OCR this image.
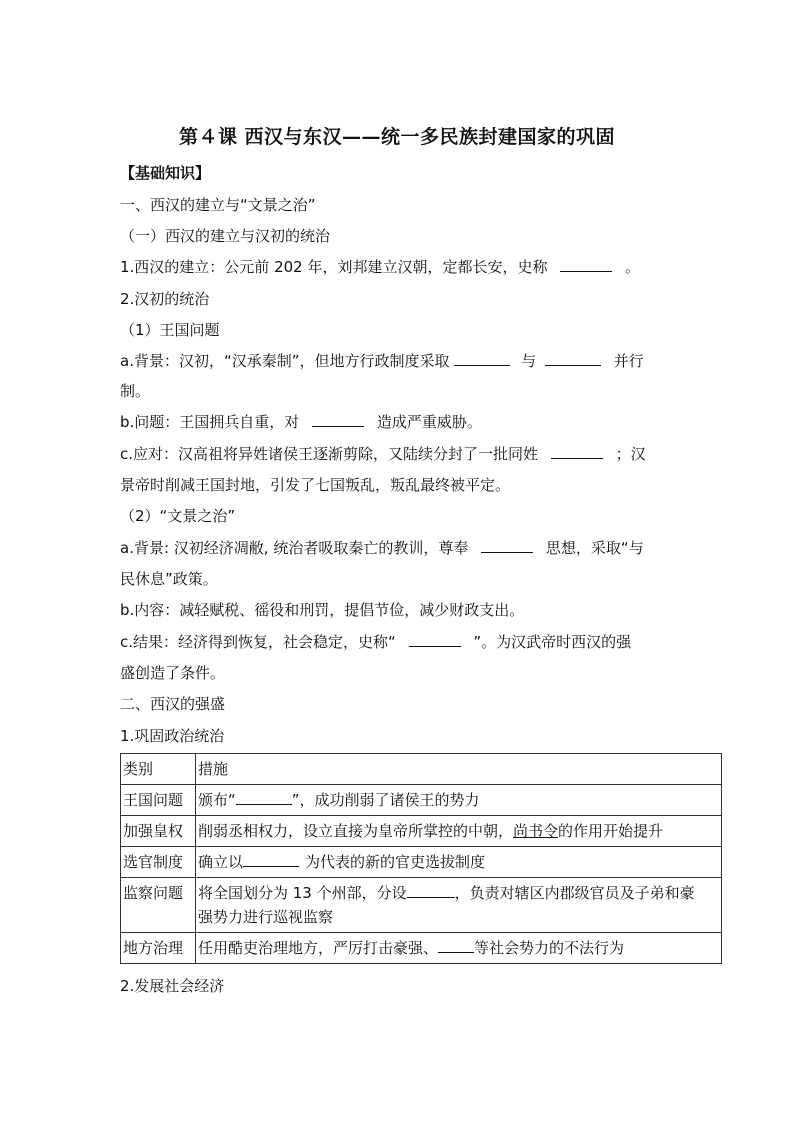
第４课 西汉与东汉——统一多民族封建国家的巩固
【基础知识】
一、西汉的建立与“文景之治”
（一）西汉的建立与汉初的统治
1.西汉的建立：公元前 202 年，刘邦建立汉朝，定都长安，史称	。
2.汉初的统治
（1）王国问题
a.背景：汉初，“汉承秦制”，但地方行政制度采取	与	并行
制。
b.问题：王国拥兵自重，对	造成严重威胁。
c.应对：汉高祖将异姓诸侯王逐渐剪除，又陆续分封了一批同姓	；汉
景帝时削减王国封地，引发了七国叛乱，叛乱最终被平定。
（2）“文景之治”
a.背景: 汉初经济凋敝, 统治者吸取秦亡的教训，尊奉	思想，采取“与
民休息”政策。
b.内容：减轻赋税、徭役和刑罚，提倡节俭，减少财政支出。
c.结果：经济得到恢复，社会稳定，史称“	”。为汉武帝时西汉的强
盛创造了条件。
二、西汉的强盛
1.巩固政治统治
类别	措施
王国问题	颁布“ ”，成功削弱了诸侯王的势力
加强皇权	削弱丞相权力，设立直接为皇帝所掌控的中朝，尚书令的作用开始提升
选官制度	确立以 为代表的新的官吏选拔制度
监察问题	将全国划分为 13 个州部，分设 ，负责对辖区内郡级官员及子弟和豪
强势力进行巡视监察
地方治理	任用酷吏治理地方，严厉打击豪强、 等社会势力的不法行为
2.发展社会经济
